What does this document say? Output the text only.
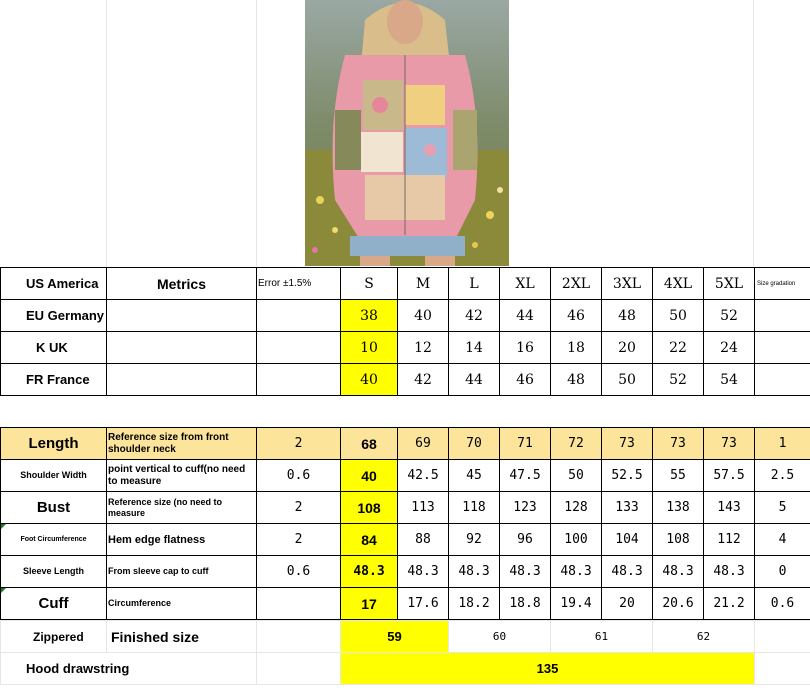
US America	Metrics	Error ±1.5%	S	M	L	XL	2XL	3XL	4XL	5XL	Size gradation
EU Germany			38	40	42	44	46	48	50	52	
K UK			10	12	14	16	18	20	22	24	
FR France			40	42	44	46	48	50	52	54	
Length	Reference size from front shoulder neck	2	68	69	70	71	72	73	73	73	1
Shoulder Width	point vertical to cuff(no need to measure	0.6	40	42.5	45	47.5	50	52.5	55	57.5	2.5
Bust	Reference size (no need to measure	2	108	113	118	123	128	133	138	143	5
Foot Circumference	Hem edge flatness	2	84	88	92	96	100	104	108	112	4
Sleeve Length	From sleeve cap to cuff	0.6	48.3	48.3	48.3	48.3	48.3	48.3	48.3	48.3	0
Cuff	Circumference		17	17.6	18.2	18.8	19.4	20	20.6	21.2	0.6
Zippered	Finished size		59	60	61	62	
Hood drawstring			135				
